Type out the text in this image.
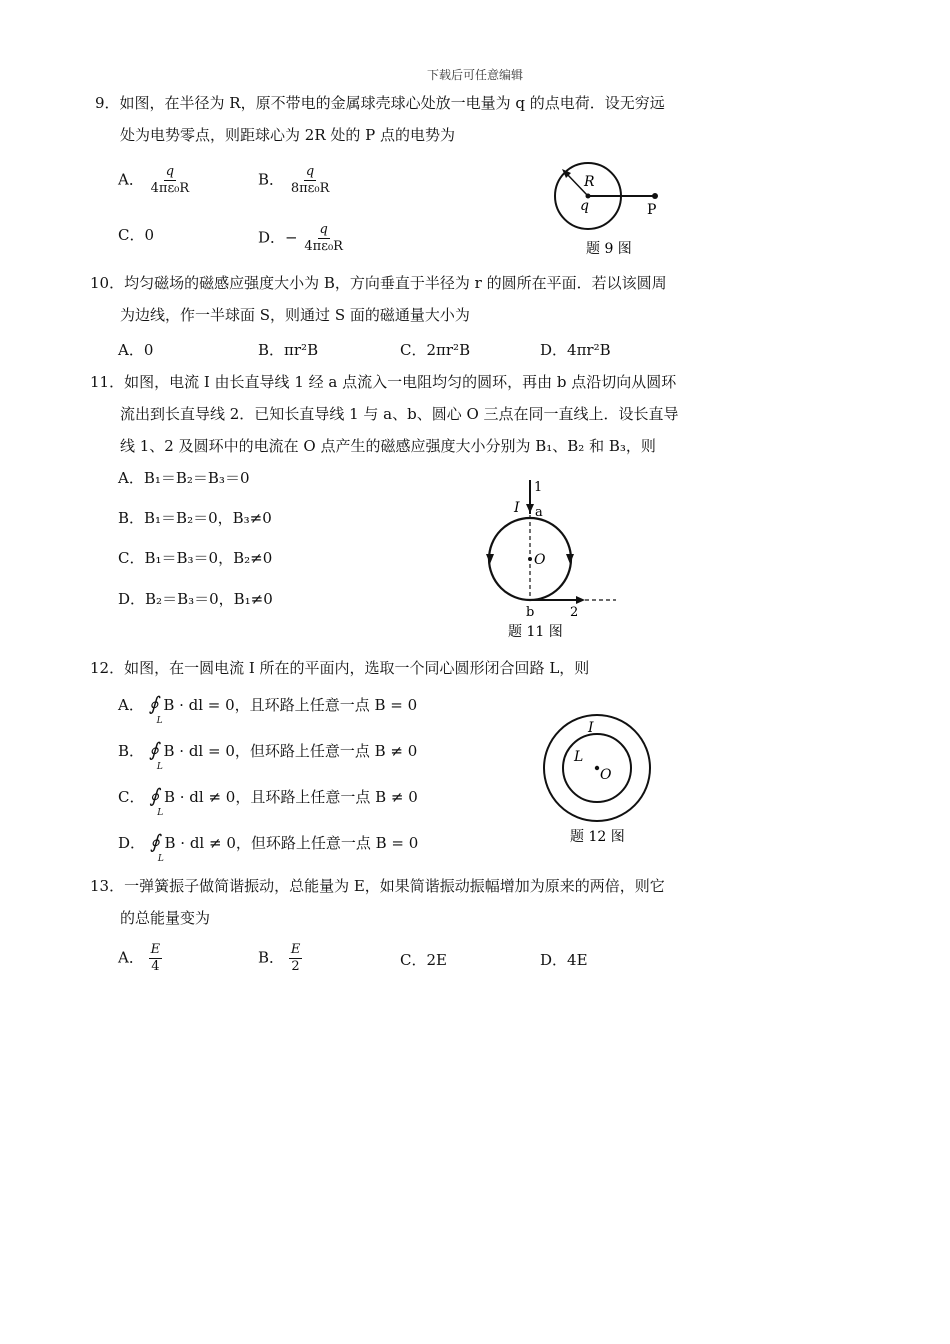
下载后可任意编辑
9．如图，在半径为 R，原不带电的金属球壳球心处放一电量为 q 的点电荷．设无穷远
处为电势零点，则距球心为 2R 处的 P 点的电势为
A． $\frac{q}{\text{4πε₀R}}$	B． $\frac{q}{\text{8πε₀R}}$
C．0	D．− $\frac{q}{\text{4πε₀R}}$
R
q	P
题 9 图
10．均匀磁场的磁感应强度大小为 B，方向垂直于半径为 r 的圆所在平面．若以该圆周
为边线，作一半球面 S，则通过 S 面的磁通量大小为
A．0	B．πr²B	C．2πr²B	D．4πr²B
11．如图，电流 I 由长直导线 1 经 a 点流入一电阻均匀的圆环，再由 b 点沿切向从圆环
流出到长直导线 2．已知长直导线 1 与 a、b、圆心 O 三点在同一直线上．设长直导
线 1、2 及圆环中的电流在 O 点产生的磁感应强度大小分别为 B₁、B₂ 和 B₃，则
A．B₁＝B₂＝B₃＝0
B．B₁＝B₂＝0，B₃≠0
C．B₁＝B₃＝0，B₂≠0
D．B₂＝B₃＝0，B₁≠0
1
I a
O
b	2
题 11 图
12．如图，在一圆电流 I 所在的平面内，选取一个同心圆形闭合回路 L，则
A． ∮
L
B · dl = 0，且环路上任意一点 B = 0
B． ∮
L
B · dl = 0，但环路上任意一点 B ≠ 0
C． ∮
L
B · dl ≠ 0，且环路上任意一点 B ≠ 0
D． ∮
L
B · dl ≠ 0，但环路上任意一点 B = 0
I
L
O
题 12 图
13．一弹簧振子做简谐振动，总能量为 E，如果简谐振动振幅增加为原来的两倍，则它
的总能量变为
A． $\frac{E}{4}$	B． $\frac{E}{2}$	C．2E	D．4E
